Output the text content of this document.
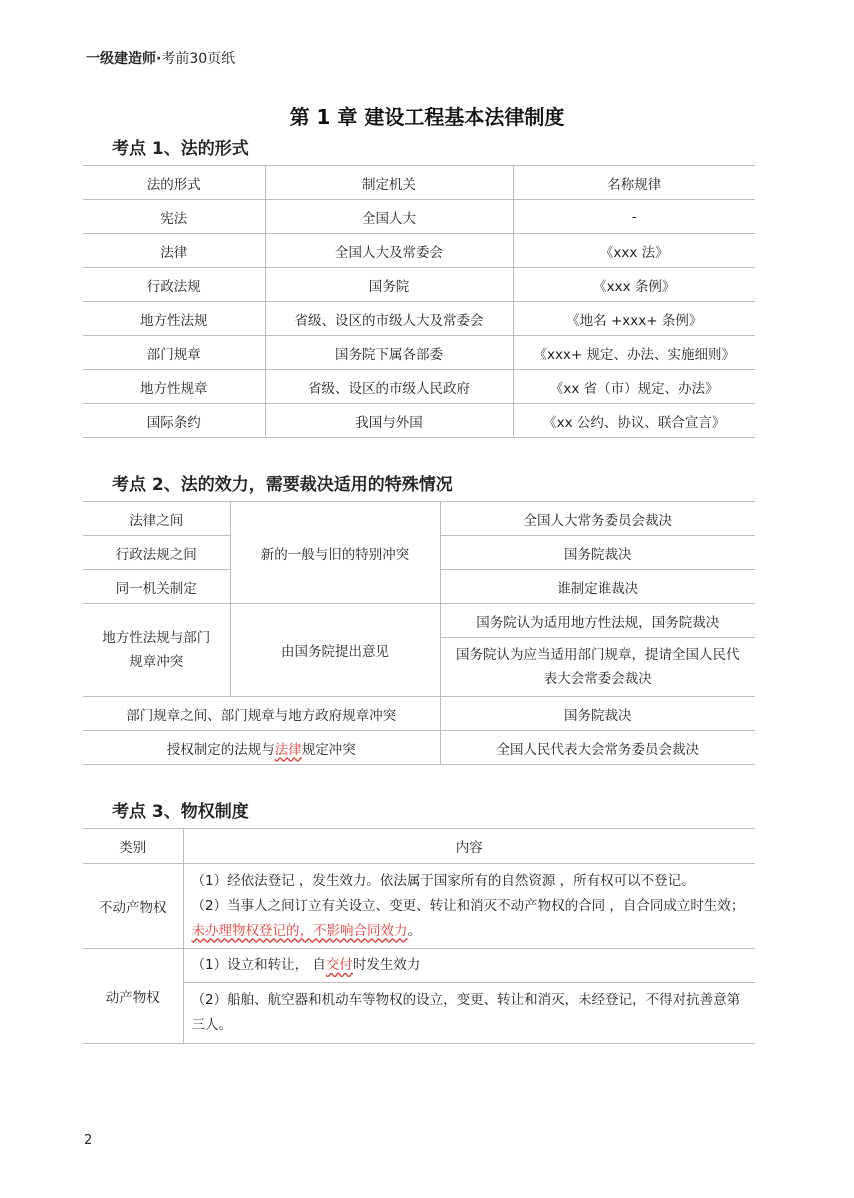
一级建造师·考前30页纸
第 1 章 建设工程基本法律制度
考点 1、法的形式
法的形式	制定机关	名称规律
宪法	全国人大	-
法律	全国人大及常委会	《xxx 法》
行政法规	国务院	《xxx 条例》
地方性法规	省级、设区的市级人大及常委会	《地名 +xxx+ 条例》
部门规章	国务院下属各部委	《xxx+ 规定、办法、实施细则》
地方性规章	省级、设区的市级人民政府	《xx 省（市）规定、办法》
国际条约	我国与外国	《xx 公约、协议、联合宣言》
考点 2、法的效力，需要裁决适用的特殊情况
法律之间	新的一般与旧的特别冲突	全国人大常务委员会裁决
行政法规之间		国务院裁决
同一机关制定		谁制定谁裁决
地方性法规与部门规章冲突	由国务院提出意见	国务院认为适用地方性法规，国务院裁决
		国务院认为应当适用部门规章，提请全国人民代表大会常委会裁决
部门规章之间、部门规章与地方政府规章冲突		国务院裁决
授权制定的法规与法律规定冲突		全国人民代表大会常务委员会裁决
考点 3、物权制度
类别	内容
不动产物权	（1）经依法登记 ，发生效力。依法属于国家所有的自然资源 ，所有权可以不登记。
（2）当事人之间订立有关设立、变更、转让和消灭不动产物权的合同 ，自合同成立时生效；未办理物权登记的，不影响合同效力。

动产物权	（1）设立和转让， 自交付时发生效力
	（2）船舶、航空器和机动车等物权的设立，变更、转让和消灭，未经登记，不得对抗善意第三人。
2
